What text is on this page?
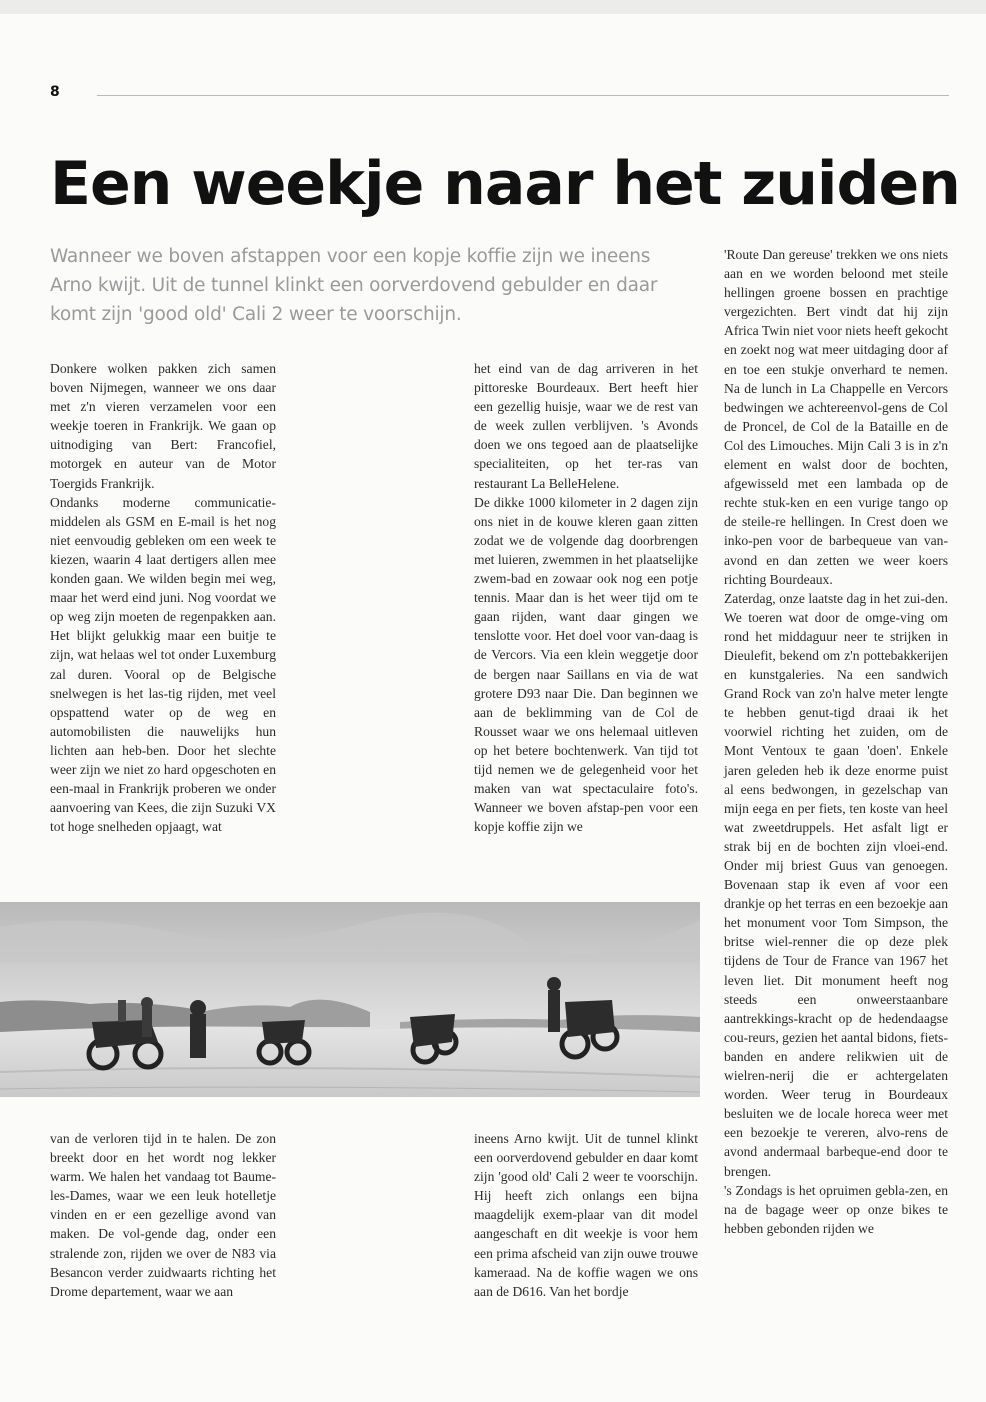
8
Een weekje naar het zuiden

Wanneer we boven afstappen voor een kopje koffie zijn we ineens Arno kwijt. Uit de tunnel klinkt een oorverdovend gebulder en daar komt zijn 'good old' Cali 2 weer te voorschijn.

Donkere wolken pakken zich samen boven Nijmegen, wanneer we ons daar met z'n vieren verzamelen voor een weekje toeren in Frankrijk. We gaan op uitnodiging van Bert: Francofiel, motorgek en auteur van de Motor Toergids Frankrijk.

Ondanks moderne communicatie-middelen als GSM en E-mail is het nog niet eenvoudig gebleken om een week te kiezen, waarin 4 laat dertigers allen mee konden gaan. We wilden begin mei weg, maar het werd eind juni. Nog voordat we op weg zijn moeten de regenpakken aan. Het blijkt gelukkig maar een buitje te zijn, wat helaas wel tot onder Luxemburg zal duren. Vooral op de Belgische snelwegen is het las-tig rijden, met veel opspattend water op de weg en automobilisten die nauwelijks hun lichten aan heb-ben. Door het slechte weer zijn we niet zo hard opgeschoten en een-maal in Frankrijk proberen we onder aanvoering van Kees, die zijn Suzuki VX tot hoge snelheden opjaagt, wat

het eind van de dag arriveren in het pittoreske Bourdeaux. Bert heeft hier een gezellig huisje, waar we de rest van de week zullen verblijven. 's Avonds doen we ons tegoed aan de plaatselijke specialiteiten, op het ter-ras van restaurant La BelleHelene.

De dikke 1000 kilometer in 2 dagen zijn ons niet in de kouwe kleren gaan zitten zodat we de volgende dag doorbrengen met luieren, zwemmen in het plaatselijke zwem-bad en zowaar ook nog een potje tennis. Maar dan is het weer tijd om te gaan rijden, want daar gingen we tenslotte voor. Het doel voor van-daag is de Vercors. Via een klein weggetje door de bergen naar Saillans en via de wat grotere D93 naar Die. Dan beginnen we aan de beklimming van de Col de Rousset waar we ons helemaal uitleven op het betere bochtenwerk. Van tijd tot tijd nemen we de gelegenheid voor het maken van wat spectaculaire foto's. Wanneer we boven afstap-pen voor een kopje koffie zijn we

'Route Dan gereuse' trekken we ons niets aan en we worden beloond met steile hellingen groene bossen en prachtige vergezichten. Bert vindt dat hij zijn Africa Twin niet voor niets heeft gekocht en zoekt nog wat meer uitdaging door af en toe een stukje onverhard te nemen. Na de lunch in La Chappelle en Vercors bedwingen we achtereenvol-gens de Col de Proncel, de Col de la Bataille en de Col des Limouches. Mijn Cali 3 is in z'n element en walst door de bochten, afgewisseld met een lambada op de rechte stuk-ken en een vurige tango op de steile-re hellingen. In Crest doen we inko-pen voor de barbequeue van van-avond en dan zetten we weer koers richting Bourdeaux.

Zaterdag, onze laatste dag in het zui-den. We toeren wat door de omge-ving om rond het middaguur neer te strijken in Dieulefit, bekend om z'n pottebakkerijen en kunstgaleries. Na een sandwich Grand Rock van zo'n halve meter lengte te hebben genut-tigd draai ik het voorwiel richting het zuiden, om de Mont Ventoux te gaan 'doen'. Enkele jaren geleden heb ik deze enorme puist al eens bedwongen, in gezelschap van mijn eega en per fiets, ten koste van heel wat zweetdruppels. Het asfalt ligt er strak bij en de bochten zijn vloei-end. Onder mij briest Guus van genoegen. Bovenaan stap ik even af voor een drankje op het terras en een bezoekje aan het monument voor Tom Simpson, the britse wiel-renner die op deze plek tijdens de Tour de France van 1967 het leven liet. Dit monument heeft nog steeds een onweerstaanbare aantrekkings-kracht op de hedendaagse cou-reurs, gezien het aantal bidons, fiets-banden en andere relikwien uit de wielren-nerij die er achtergelaten worden. Weer terug in Bourdeaux besluiten we de locale horeca weer met een bezoekje te vereren, alvo-rens de avond andermaal barbeque-end door te brengen.

's Zondags is het opruimen gebla-zen, en na de bagage weer op onze bikes te hebben gebonden rijden we

van de verloren tijd in te halen. De zon breekt door en het wordt nog lekker warm. We halen het vandaag tot Baume-les-Dames, waar we een leuk hotelletje vinden en er een gezellige avond van maken. De vol-gende dag, onder een stralende zon, rijden we over de N83 via Besancon verder zuidwaarts richting het Drome departement, waar we aan

ineens Arno kwijt. Uit de tunnel klinkt een oorverdovend gebulder en daar komt zijn 'good old' Cali 2 weer te voorschijn. Hij heeft zich onlangs een bijna maagdelijk exem-plaar van dit model aangeschaft en dit weekje is voor hem een prima afscheid van zijn ouwe trouwe kameraad. Na de koffie wagen we ons aan de D616. Van het bordje
